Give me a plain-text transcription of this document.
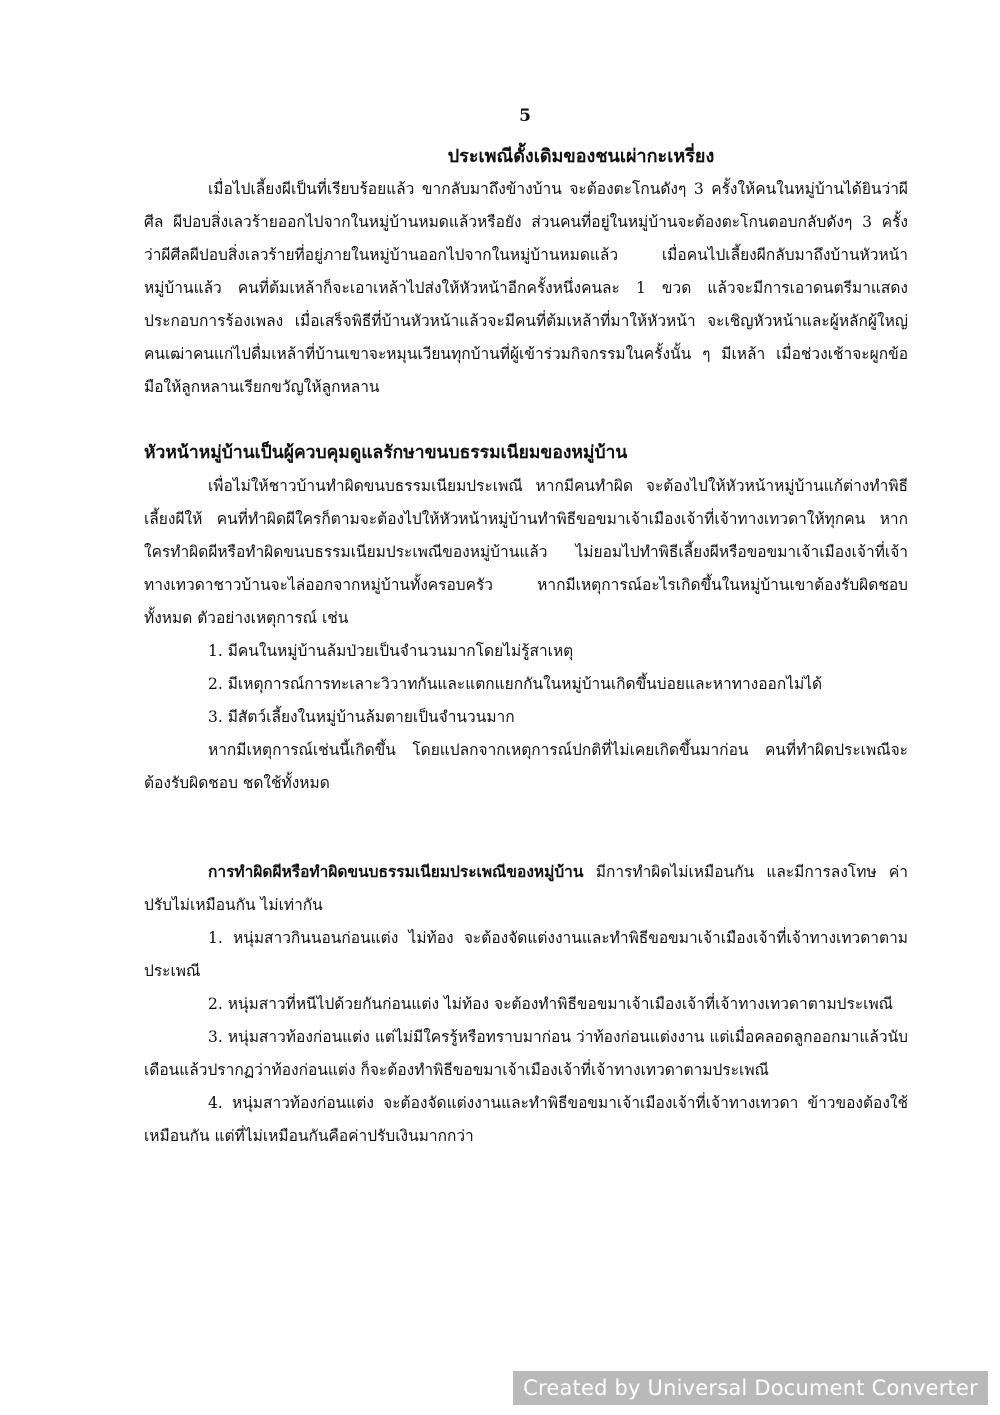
5
ประเพณีดั้งเดิมของชนเผ่ากะเหรี่ยง

เมื่อไปเลี้ยงผีเป็นที่เรียบร้อยแล้ว ขากลับมาถึงข้างบ้าน จะต้องตะโกนดังๆ 3 ครั้งให้คนในหมู่บ้านได้ยินว่าผีศีล ผีปอบสิ่งเลวร้ายออกไปจากในหมู่บ้านหมดแล้วหรือยัง ส่วนคนที่อยู่ในหมู่บ้านจะต้องตะโกนตอบกลับดังๆ 3 ครั้ง ว่าผีศีลผีปอบสิ่งเลวร้ายที่อยู่ภายในหมู่บ้านออกไปจากในหมู่บ้านหมดแล้ว เมื่อคนไปเลี้ยงผีกลับมาถึงบ้านหัวหน้าหมู่บ้านแล้ว คนที่ต้มเหล้าก็จะเอาเหล้าไปส่งให้หัวหน้าอีกครั้งหนึ่งคนละ 1 ขวด แล้วจะมีการเอาดนตรีมาแสดงประกอบการร้องเพลง เมื่อเสร็จพิธีที่บ้านหัวหน้าแล้วจะมีคนที่ต้มเหล้าที่มาให้หัวหน้า จะเชิญหัวหน้าและผู้หลักผู้ใหญ่คนเฒ่าคนแก่ไปดื่มเหล้าที่บ้านเขาจะหมุนเวียนทุกบ้านที่ผู้เข้าร่วมกิจกรรมในครั้งนั้น ๆ มีเหล้า เมื่อช่วงเช้าจะผูกข้อมือให้ลูกหลานเรียกขวัญให้ลูกหลาน

หัวหน้าหมู่บ้านเป็นผู้ควบคุมดูแลรักษาขนบธรรมเนียมของหมู่บ้าน

เพื่อไม่ให้ชาวบ้านทำผิดขนบธรรมเนียมประเพณี หากมีคนทำผิด จะต้องไปให้หัวหน้าหมู่บ้านแก้ต่างทำพิธีเลี้ยงผีให้ คนที่ทำผิดผีใครก็ตามจะต้องไปให้หัวหน้าหมู่บ้านทำพิธีขอขมาเจ้าเมืองเจ้าที่เจ้าทางเทวดาให้ทุกคน หากใครทำผิดผีหรือทำผิดขนบธรรมเนียมประเพณีของหมู่บ้านแล้ว ไม่ยอมไปทำพิธีเลี้ยงผีหรือขอขมาเจ้าเมืองเจ้าที่เจ้าทางเทวดาชาวบ้านจะไล่ออกจากหมู่บ้านทั้งครอบครัว หากมีเหตุการณ์อะไรเกิดขึ้นในหมู่บ้านเขาต้องรับผิดชอบทั้งหมด ตัวอย่างเหตุการณ์ เช่น

1. มีคนในหมู่บ้านล้มป่วยเป็นจำนวนมากโดยไม่รู้สาเหตุ

2. มีเหตุการณ์การทะเลาะวิวาทกันและแตกแยกกันในหมู่บ้านเกิดขึ้นบ่อยและหาทางออกไม่ได้

3. มีสัตว์เลี้ยงในหมู่บ้านล้มตายเป็นจำนวนมาก

หากมีเหตุการณ์เช่นนี้เกิดขึ้น โดยแปลกจากเหตุการณ์ปกติที่ไม่เคยเกิดขึ้นมาก่อน คนที่ทำผิดประเพณีจะต้องรับผิดชอบ ชดใช้ทั้งหมด

การทำผิดผีหรือทำผิดขนบธรรมเนียมประเพณีของหมู่บ้าน มีการทำผิดไม่เหมือนกัน และมีการลงโทษ ค่าปรับไม่เหมือนกัน ไม่เท่ากัน

1. หนุ่มสาวกินนอนก่อนแต่ง ไม่ท้อง จะต้องจัดแต่งงานและทำพิธีขอขมาเจ้าเมืองเจ้าที่เจ้าทางเทวดาตามประเพณี

2. หนุ่มสาวที่หนีไปด้วยกันก่อนแต่ง ไม่ท้อง จะต้องทำพิธีขอขมาเจ้าเมืองเจ้าที่เจ้าทางเทวดาตามประเพณี

3. หนุ่มสาวท้องก่อนแต่ง แต่ไม่มีใครรู้หรือทราบมาก่อน ว่าท้องก่อนแต่งงาน แต่เมื่อคลอดลูกออกมาแล้วนับเดือนแล้วปรากฏว่าท้องก่อนแต่ง ก็จะต้องทำพิธีขอขมาเจ้าเมืองเจ้าที่เจ้าทางเทวดาตามประเพณี

4. หนุ่มสาวท้องก่อนแต่ง จะต้องจัดแต่งงานและทำพิธีขอขมาเจ้าเมืองเจ้าที่เจ้าทางเทวดา ข้าวของต้องใช้เหมือนกัน แต่ที่ไม่เหมือนกันคือค่าปรับเงินมากกว่า

Created by Universal Document Converter
